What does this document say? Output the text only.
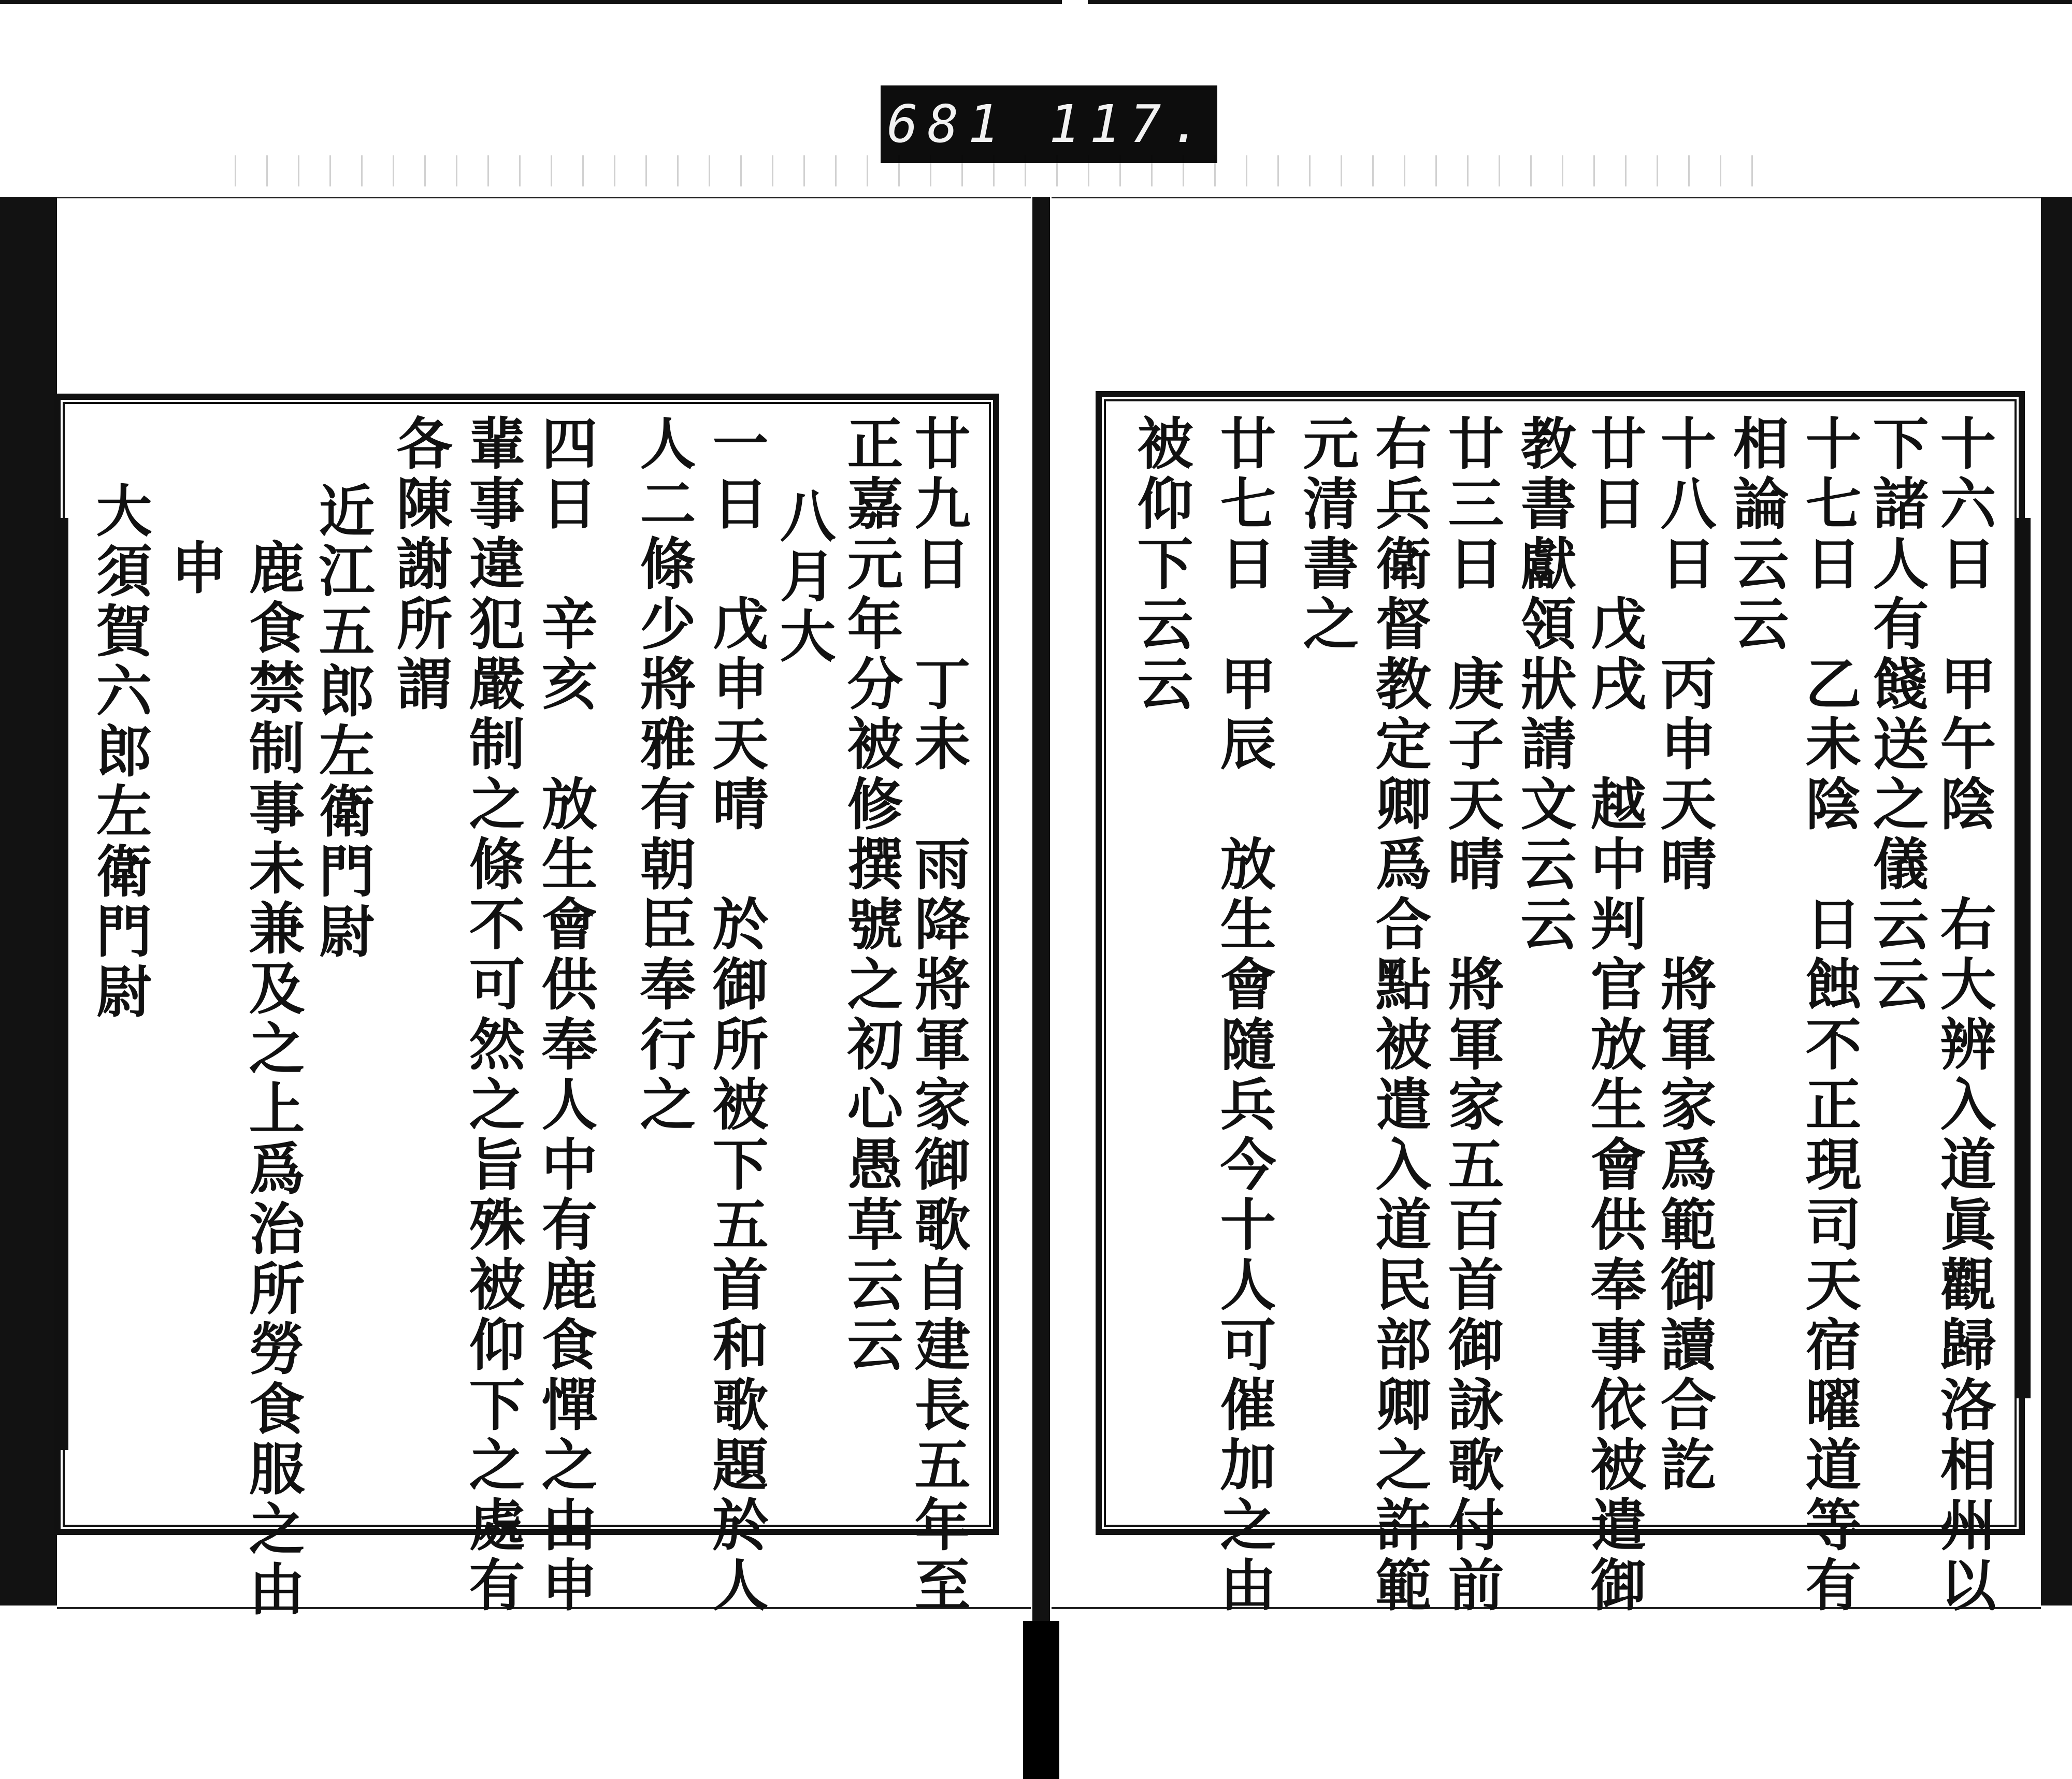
681 117.
廿九日　丁未　雨降將軍家御歌自建長五年至
正嘉元年分被修撰號之初心愚草云云
八月大
一日　戊申天晴　於御所被下五首和歌題於人
人二條少將雅有朝臣奉行之
四日　辛亥　放生會供奉人中有鹿食憚之由申
輩事違犯嚴制之條不可然之旨殊被仰下之處有
各陳謝所謂
近江五郎左衛門尉
鹿食禁制事未兼及之上爲治所勞食服之由
申
大須賀六郎左衛門尉	十六日　甲午陰　右大辨入道眞觀歸洛相州以
下諸人有餞送之儀云云
十七日　乙未陰　日蝕不正現司天宿曜道等有
相論云云
十八日　丙申天晴　將軍家爲範御讀合訖
廿日　戊戌　越中判官放生會供奉事依被遣御
教書獻領狀請文云云
廿三日　庚子天晴　將軍家五百首御詠歌付前
右兵衛督教定卿爲合點被遣入道民部卿之許範
元清書之
廿七日　甲辰　放生會隨兵今十人可催加之由
被仰下云云
